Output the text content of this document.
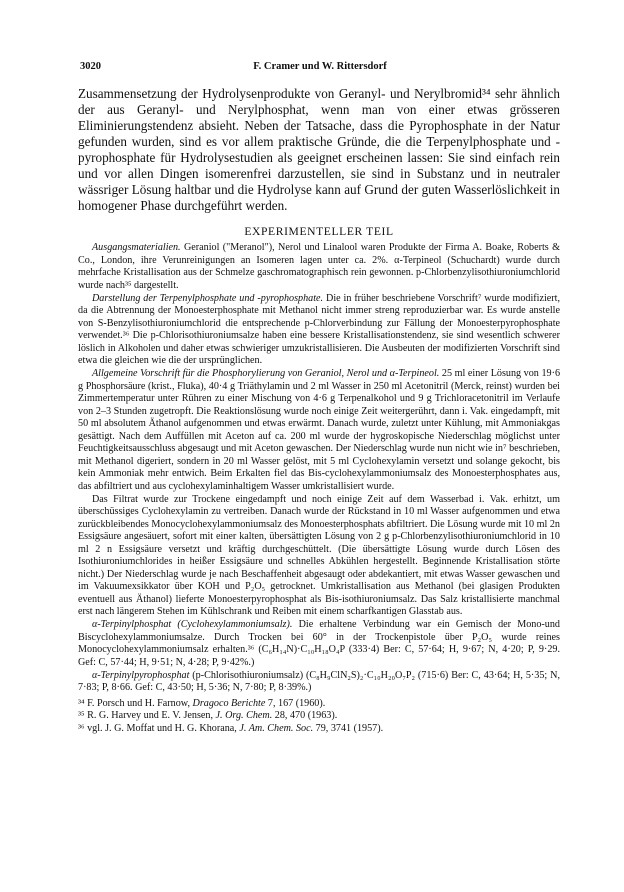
3020	F. Cramer und W. Rittersdorf
Zusammensetzung der Hydrolysenprodukte von Geranyl- und Nerylbromid³⁴ sehr ähnlich der aus Geranyl- und Nerylphosphat, wenn man von einer etwas grösseren Eliminierungstendenz absieht. Neben der Tatsache, dass die Pyrophosphate in der Natur gefunden wurden, sind es vor allem praktische Gründe, die die Terpenylphosphate und -pyrophosphate für Hydrolysestudien als geeignet erscheinen lassen: Sie sind einfach rein und vor allen Dingen isomerenfrei darzustellen, sie sind in Substanz und in neutraler wässriger Lösung haltbar und die Hydrolyse kann auf Grund der guten Wasserlöslichkeit in homogener Phase durchgeführt werden.
EXPERIMENTELLER TEIL

Ausgangsmaterialien. Geraniol ("Meranol"), Nerol und Linalool waren Produkte der Firma A. Boake, Roberts & Co., London, ihre Verunreinigungen an Isomeren lagen unter ca. 2%. α-Terpineol (Schuchardt) wurde durch mehrfache Kristallisation aus der Schmelze gaschromatographisch rein gewonnen. p-Chlorbenzylisothiuroniumchlorid wurde nach³⁵ dargestellt.

Darstellung der Terpenylphosphate und -pyrophosphate. Die in früher beschriebene Vorschrift⁷ wurde modifiziert, da die Abtrennung der Monoesterphosphate mit Methanol nicht immer streng reproduzierbar war. Es wurde anstelle von S-Benzylisothiuroniumchlorid die entsprechende p-Chlorverbindung zur Fällung der Monoesterpyrophosphate verwendet.³⁶ Die p-Chlorisothiuroniumsalze haben eine bessere Kristallisationstendenz, sie sind wesentlich schwerer löslich in Alkoholen und daher etwas schwieriger umzukristallisieren. Die Ausbeuten der modifizierten Vorschrift sind etwa die gleichen wie die der ursprünglichen.

Allgemeine Vorschrift für die Phosphorylierung von Geraniol, Nerol und α-Terpineol. 25 ml einer Lösung von 19·6 g Phosphorsäure (krist., Fluka), 40·4 g Triäthylamin und 2 ml Wasser in 250 ml Acetonitril (Merck, reinst) wurden bei Zimmertemperatur unter Rühren zu einer Mischung von 4·6 g Terpenalkohol und 9 g Trichloracetonitril im Verlaufe von 2–3 Stunden zugetropft. Die Reaktionslösung wurde noch einige Zeit weitergerührt, dann i. Vak. eingedampft, mit 50 ml absolutem Äthanol aufgenommen und etwas erwärmt. Danach wurde, zuletzt unter Kühlung, mit Ammoniakgas gesättigt. Nach dem Auffüllen mit Aceton auf ca. 200 ml wurde der hygroskopische Niederschlag möglichst unter Feuchtigkeitsausschluss abgesaugt und mit Aceton gewaschen. Der Niederschlag wurde nun nicht wie in⁷ beschrieben, mit Methanol digeriert, sondern in 20 ml Wasser gelöst, mit 5 ml Cyclohexylamin versetzt und solange gekocht, bis kein Ammoniak mehr entwich. Beim Erkalten fiel das Bis-cyclohexylammoniumsalz des Monoesterphosphates aus, das abfiltriert und aus cyclohexylaminhaltigem Wasser umkristallisiert wurde.

Das Filtrat wurde zur Trockene eingedampft und noch einige Zeit auf dem Wasserbad i. Vak. erhitzt, um überschüssiges Cyclohexylamin zu vertreiben. Danach wurde der Rückstand in 10 ml Wasser aufgenommen und etwa zurückbleibendes Monocyclohexylammoniumsalz des Monoesterphosphats abfiltriert. Die Lösung wurde mit 10 ml 2n Essigsäure angesäuert, sofort mit einer kalten, übersättigten Lösung von 2 g p-Chlorbenzylisothiuroniumchlorid in 10 ml 2 n Essigsäure versetzt und kräftig durchgeschüttelt. (Die übersättigte Lösung wurde durch Lösen des Isothiuroniumchlorides in heißer Essigsäure und schnelles Abkühlen hergestellt. Beginnende Kristallisation störte nicht.) Der Niederschlag wurde je nach Beschaffenheit abgesaugt oder abdekantiert, mit etwas Wasser gewaschen und im Vakuumexsikkator über KOH und P₂O₅ getrocknet. Umkristallisation aus Methanol (bei glasigen Produkten eventuell aus Äthanol) lieferte Monoesterpyrophosphat als Bis-isothiuroniumsalz. Das Salz kristallisierte manchmal erst nach längerem Stehen im Kühlschrank und Reiben mit einem scharfkantigen Glasstab aus.

α-Terpinylphosphat (Cyclohexylammoniumsalz). Die erhaltene Verbindung war ein Gemisch der Mono-und Biscyclohexylammoniumsalze. Durch Trocken bei 60° in der Trockenpistole über P₂O₅ wurde reines Monocyclohexylammoniumsalz erhalten.³⁶ (C₆H₁₄N)·C₁₀H₁₈O₄P (333·4) Ber: C, 57·64; H, 9·67; N, 4·20; P, 9·29. Gef: C, 57·44; H, 9·51; N, 4·28; P, 9·42%.)

α-Terpinylpyrophosphat (p-Chlorisothiuroniumsalz) (C₈H₉ClN₂S)₂·C₁₀H₂₀O₇P₂ (715·6) Ber: C, 43·64; H, 5·35; N, 7·83; P, 8·66. Gef: C, 43·50; H, 5·36; N, 7·80; P, 8·39%.)

³⁴ F. Porsch und H. Farnow, Dragoco Berichte 7, 167 (1960).

³⁵ R. G. Harvey und E. V. Jensen, J. Org. Chem. 28, 470 (1963).

³⁶ vgl. J. G. Moffat und H. G. Khorana, J. Am. Chem. Soc. 79, 3741 (1957).
